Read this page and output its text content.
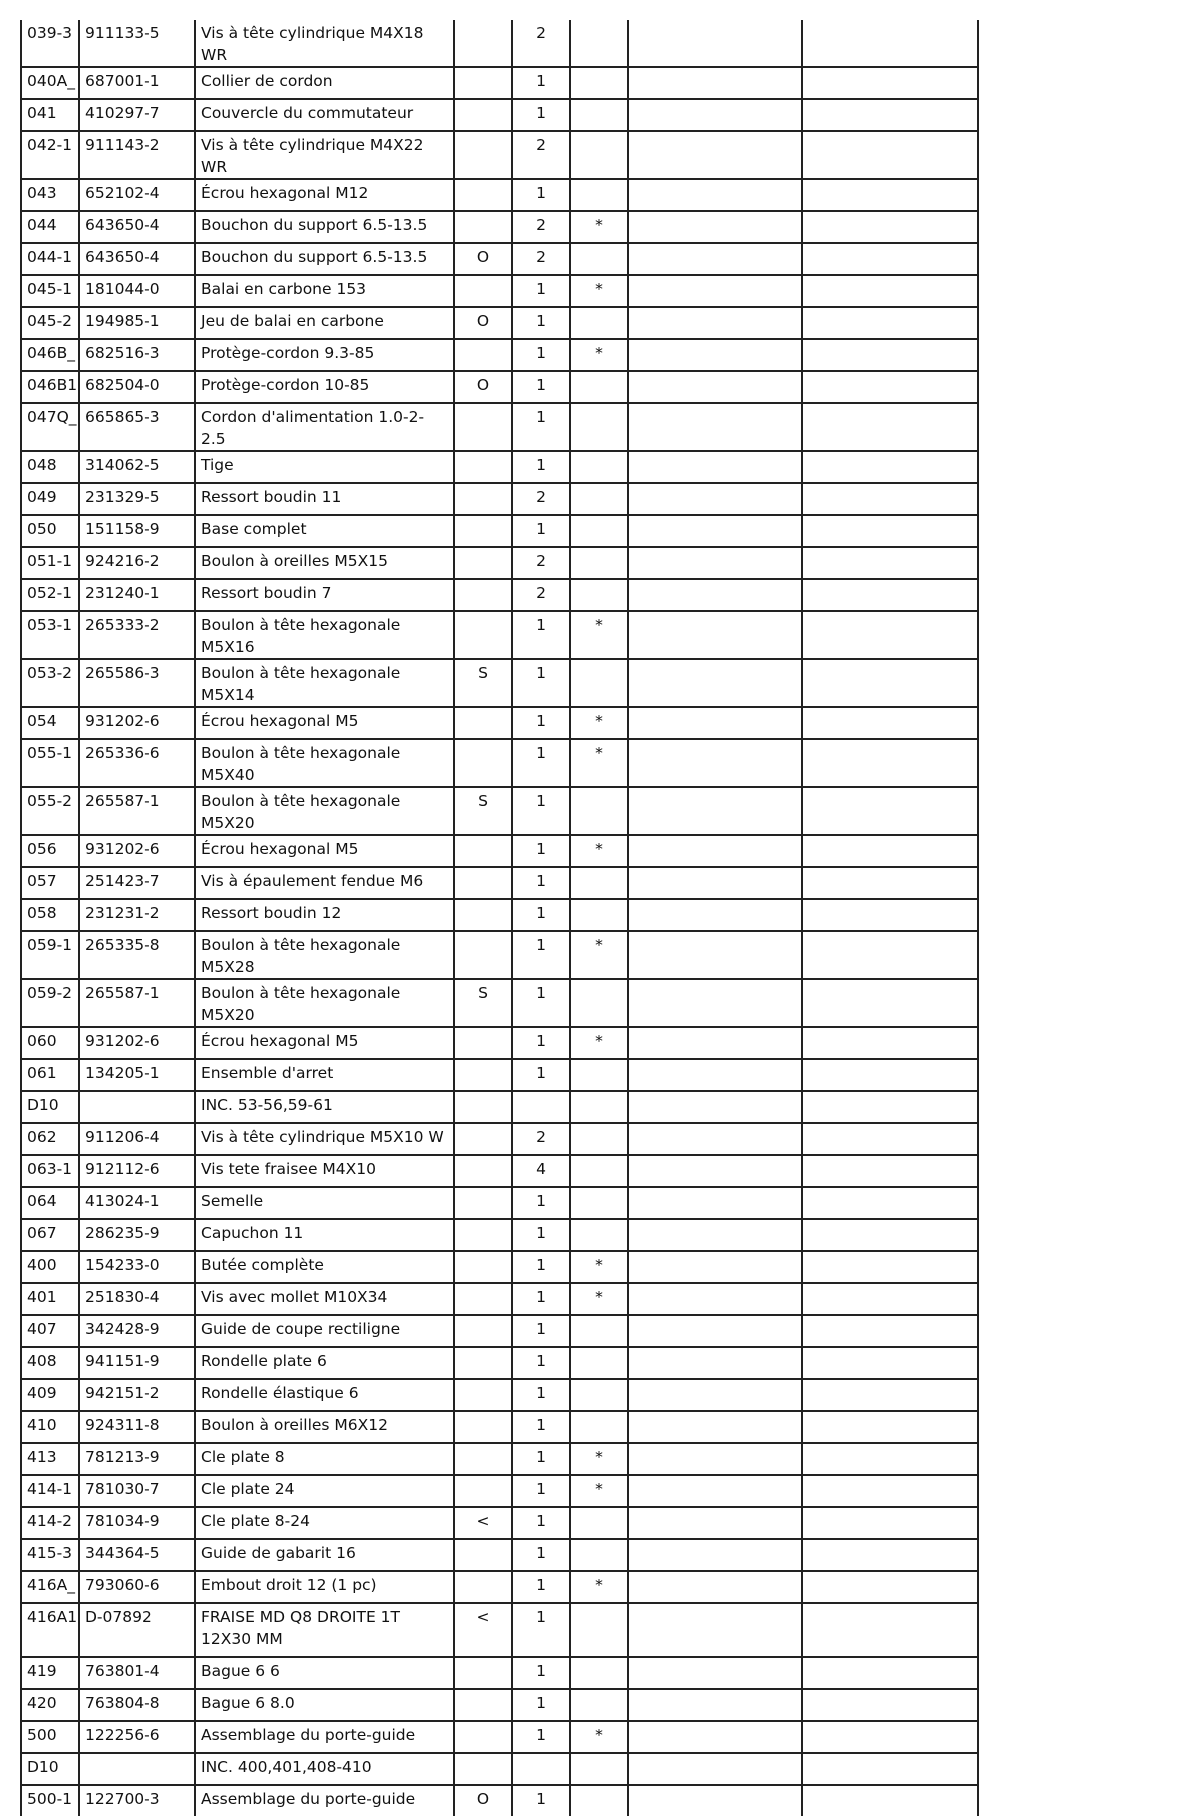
039-3	911133-5	Vis à tête cylindrique M4X18 WR		2			
040A_	687001-1	Collier de cordon		1			
041	410297-7	Couvercle du commutateur		1			
042-1	911143-2	Vis à tête cylindrique M4X22 WR		2			
043	652102-4	Écrou hexagonal M12		1			
044	643650-4	Bouchon du support 6.5-13.5		2	*		
044-1	643650-4	Bouchon du support 6.5-13.5	O	2			
045-1	181044-0	Balai en carbone 153		1	*		
045-2	194985-1	Jeu de balai en carbone	O	1			
046B_	682516-3	Protège-cordon 9.3-85		1	*		
046B1	682504-0	Protège-cordon 10-85	O	1			
047Q_	665865-3	Cordon d'alimentation 1.0-2-2.5		1			
048	314062-5	Tige		1			
049	231329-5	Ressort boudin 11		2			
050	151158-9	Base complet		1			
051-1	924216-2	Boulon à oreilles M5X15		2			
052-1	231240-1	Ressort boudin 7		2			
053-1	265333-2	Boulon à tête hexagonale M5X16		1	*		
053-2	265586-3	Boulon à tête hexagonale M5X14	S	1			
054	931202-6	Écrou hexagonal M5		1	*		
055-1	265336-6	Boulon à tête hexagonale M5X40		1	*		
055-2	265587-1	Boulon à tête hexagonale M5X20	S	1			
056	931202-6	Écrou hexagonal M5		1	*		
057	251423-7	Vis à épaulement fendue M6		1			
058	231231-2	Ressort boudin 12		1			
059-1	265335-8	Boulon à tête hexagonale M5X28		1	*		
059-2	265587-1	Boulon à tête hexagonale M5X20	S	1			
060	931202-6	Écrou hexagonal M5		1	*		
061	134205-1	Ensemble d'arret		1			
D10		INC. 53-56,59-61					
062	911206-4	Vis à tête cylindrique M5X10 W		2			
063-1	912112-6	Vis tete fraisee M4X10		4			
064	413024-1	Semelle		1			
067	286235-9	Capuchon 11		1			
400	154233-0	Butée complète		1	*		
401	251830-4	Vis avec mollet M10X34		1	*		
407	342428-9	Guide de coupe rectiligne		1			
408	941151-9	Rondelle plate 6		1			
409	942151-2	Rondelle élastique 6		1			
410	924311-8	Boulon à oreilles M6X12		1			
413	781213-9	Cle plate 8		1	*		
414-1	781030-7	Cle plate 24		1	*		
414-2	781034-9	Cle plate 8-24	<	1			
415-3	344364-5	Guide de gabarit 16		1			
416A_	793060-6	Embout droit 12 (1 pc)		1	*		
416A1	D-07892	FRAISE MD Q8 DROITE 1T 12X30 MM	<	1			
419	763801-4	Bague 6 6		1			
420	763804-8	Bague 6 8.0		1			
500	122256-6	Assemblage du porte-guide		1	*		
D10		INC. 400,401,408-410					
500-1	122700-3	Assemblage du porte-guide	O	1			
